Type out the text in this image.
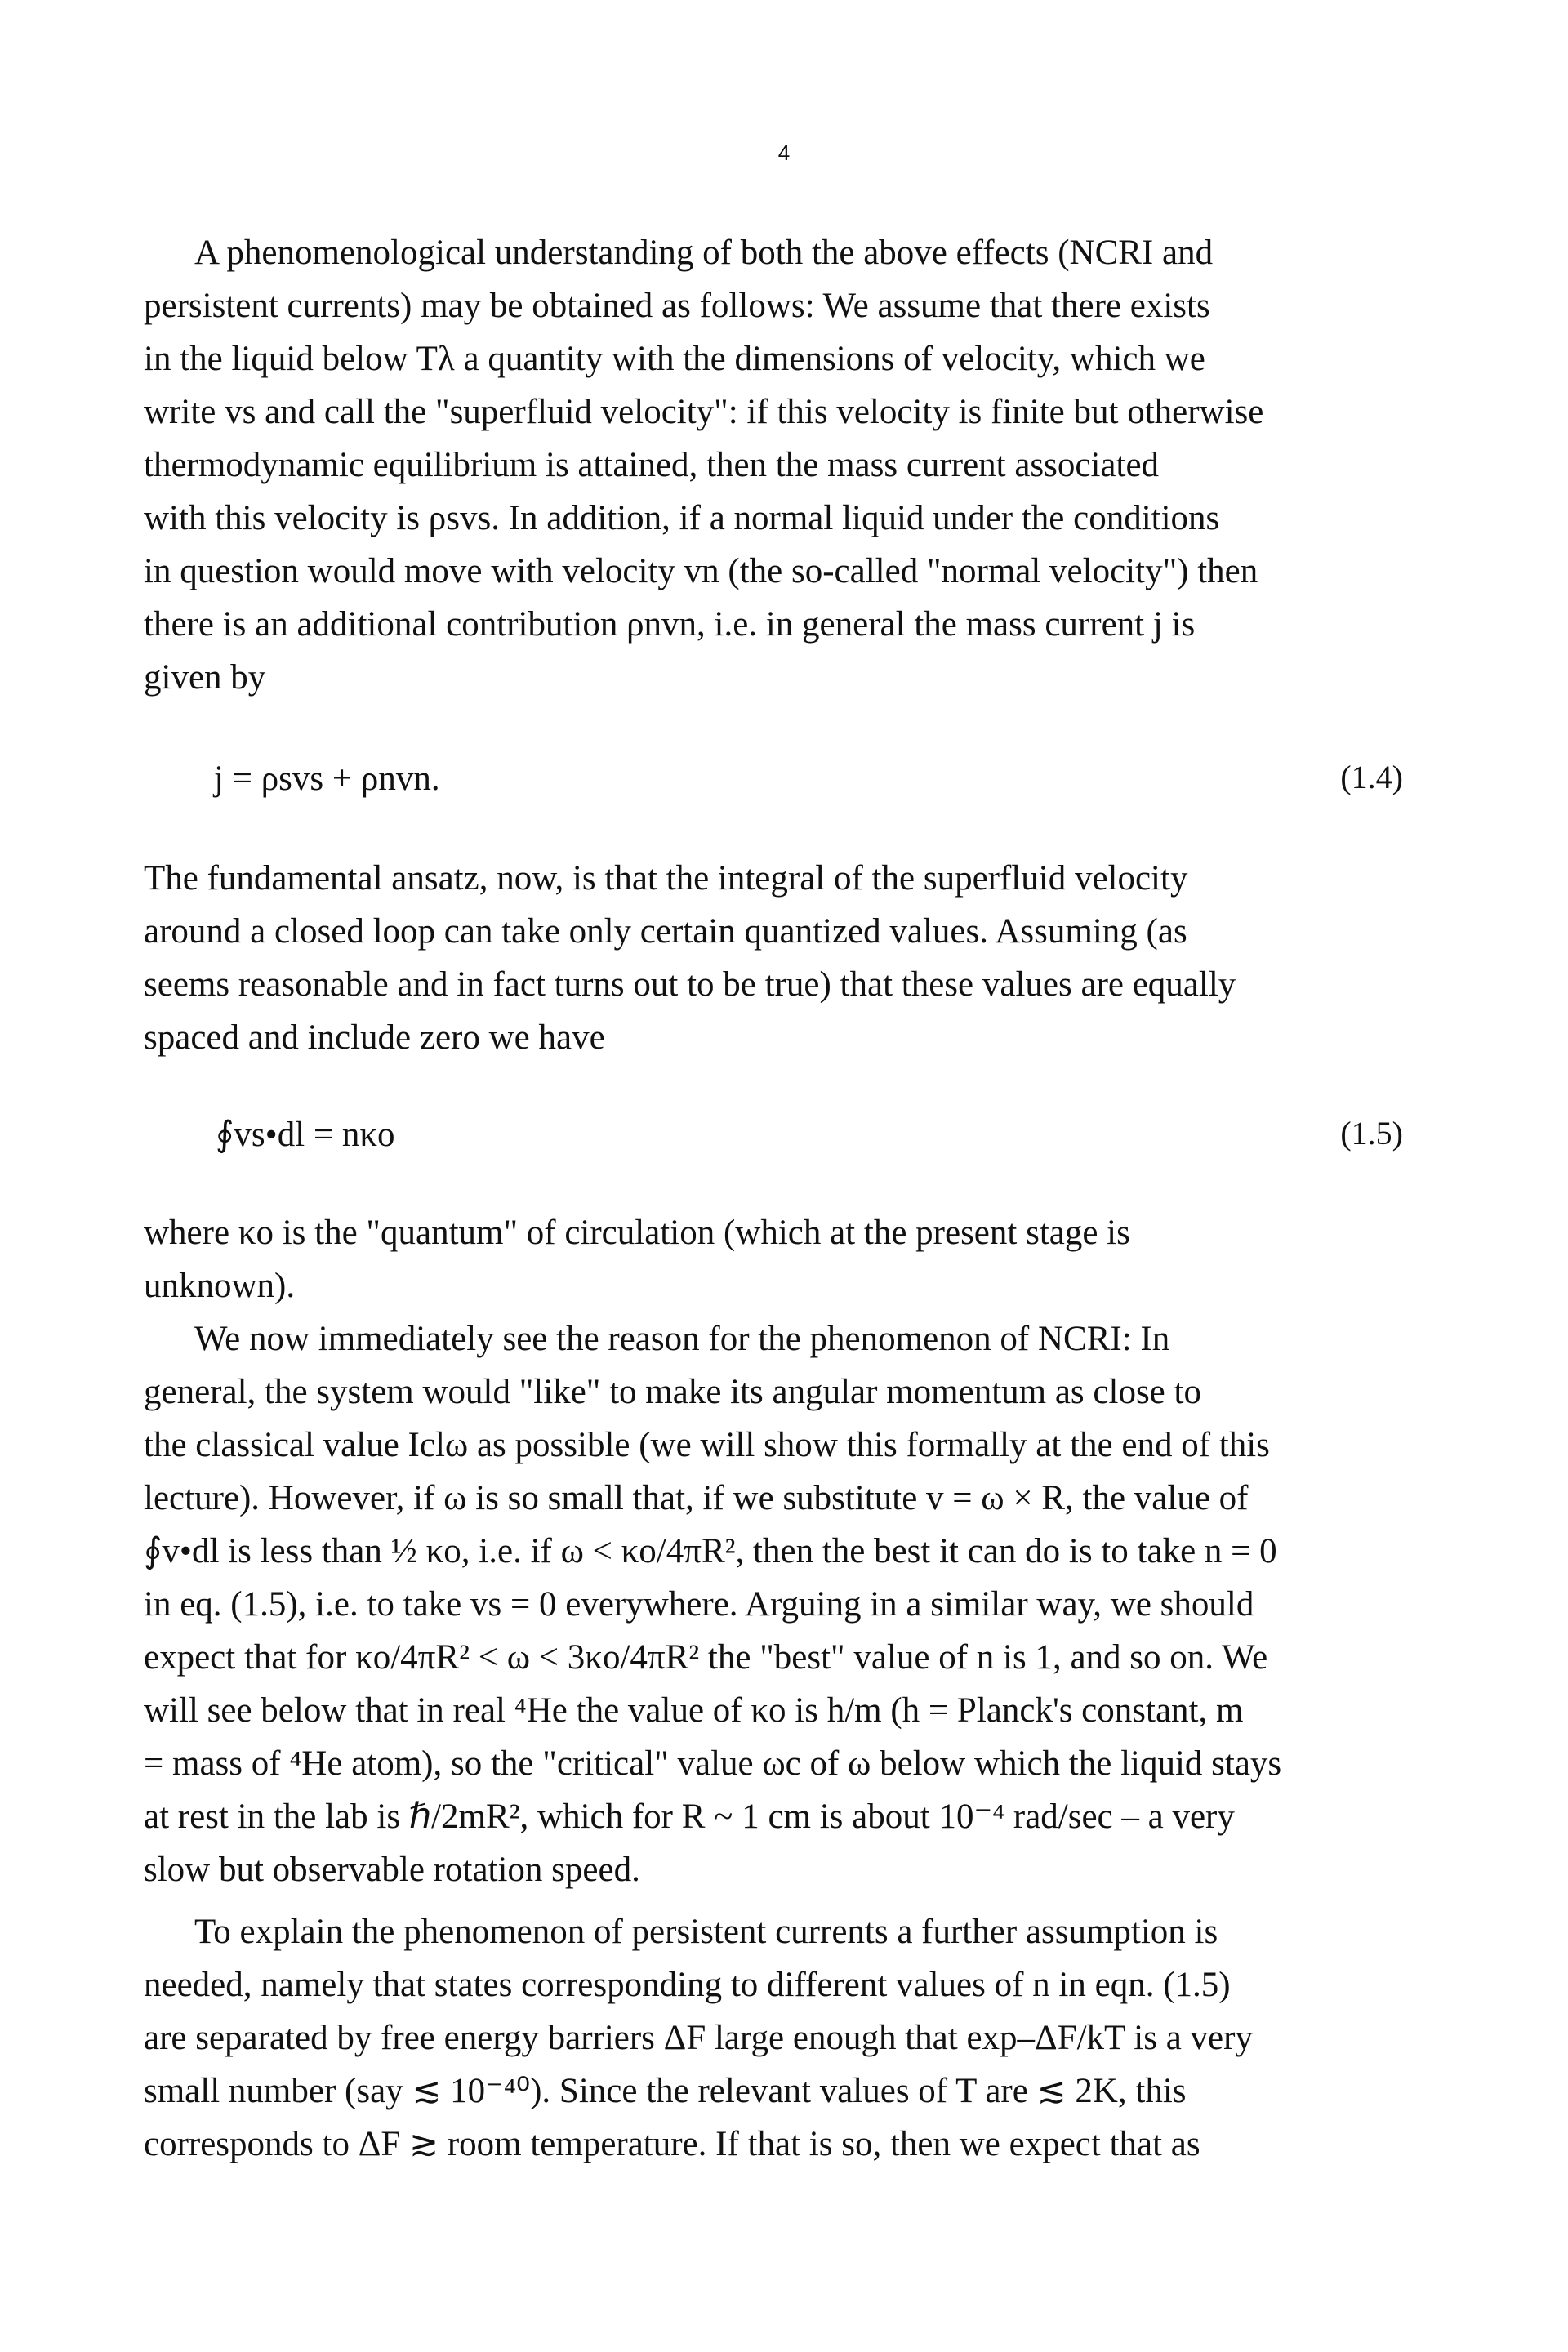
4
A phenomenological understanding of both the above effects (NCRI and
persistent currents) may be obtained as follows: We assume that there exists
in the liquid below Tλ a quantity with the dimensions of velocity, which we
write vs and call the "superfluid velocity": if this velocity is finite but otherwise
thermodynamic equilibrium is attained, then the mass current associated
with this velocity is ρsvs. In addition, if a normal liquid under the conditions
in question would move with velocity vn (the so-called "normal velocity") then
there is an additional contribution ρnvn, i.e. in general the mass current j is
given by
j = ρsvs + ρnvn.	(1.4)
The fundamental ansatz, now, is that the integral of the superfluid velocity
around a closed loop can take only certain quantized values. Assuming (as
seems reasonable and in fact turns out to be true) that these values are equally
spaced and include zero we have
∮vs•dl = nκo	(1.5)
where κo is the "quantum" of circulation (which at the present stage is
unknown).
We now immediately see the reason for the phenomenon of NCRI: In
general, the system would "like" to make its angular momentum as close to
the classical value Iclω as possible (we will show this formally at the end of this
lecture). However, if ω is so small that, if we substitute v = ω × R, the value of
∮v•dl is less than ½ κo, i.e. if ω < κo/4πR², then the best it can do is to take n = 0
in eq. (1.5), i.e. to take vs = 0 everywhere. Arguing in a similar way, we should
expect that for κo/4πR² < ω < 3κo/4πR² the "best" value of n is 1, and so on. We
will see below that in real ⁴He the value of κo is h/m (h = Planck's constant, m
= mass of ⁴He atom), so the "critical" value ωc of ω below which the liquid stays
at rest in the lab is ℏ/2mR², which for R ~ 1 cm is about 10⁻⁴ rad/sec – a very
slow but observable rotation speed.
To explain the phenomenon of persistent currents a further assumption is
needed, namely that states corresponding to different values of n in eqn. (1.5)
are separated by free energy barriers ΔF large enough that exp–ΔF/kT is a very
small number (say ≲ 10⁻⁴⁰). Since the relevant values of T are ≲ 2K, this
corresponds to ΔF ≳ room temperature. If that is so, then we expect that as
